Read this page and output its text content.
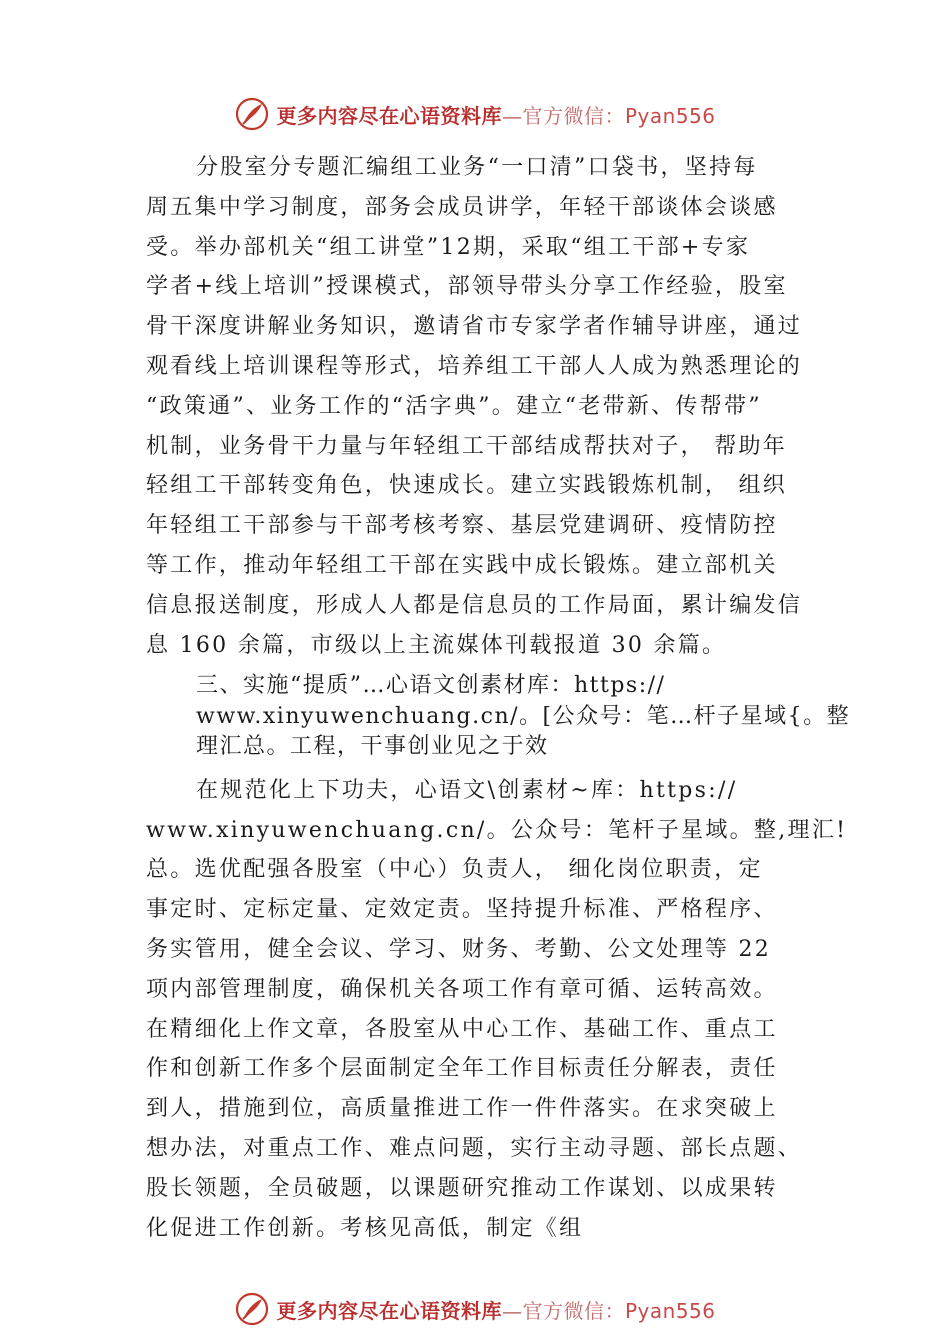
更多内容尽在心语资料库—官方微信：Pyan556

分股室分专题汇编组工业务“一口清”口袋书，坚持每
周五集中学习制度，部务会成员讲学，年轻干部谈体会谈感
受。举办部机关“组工讲堂”12期，采取“组工干部+专家
学者+线上培训”授课模式，部领导带头分享工作经验，股室
骨干深度讲解业务知识，邀请省市专家学者作辅导讲座，通过
观看线上培训课程等形式，培养组工干部人人成为熟悉理论的
“政策通”、业务工作的“活字典”。建立“老带新、传帮带”
机制，业务骨干力量与年轻组工干部结成帮扶对子， 帮助年
轻组工干部转变角色，快速成长。建立实践锻炼机制， 组织
年轻组工干部参与干部考核考察、基层党建调研、疫情防控
等工作，推动年轻组工干部在实践中成长锻炼。建立部机关
信息报送制度，形成人人都是信息员的工作局面，累计编发信
息 160 余篇，市级以上主流媒体刊载报道 30 余篇。

三、实施“提质”…心语文创素材库：https://
www.xinyuwenchuang.cn/。[公众号：笔…杆子星域{。整
理汇总。工程，干事创业见之于效

在规范化上下功夫，心语文\创素材~库：https://
www.xinyuwenchuang.cn/。公众号：笔杆子星域。整,理汇!
总。选优配强各股室（中心）负责人， 细化岗位职责，定
事定时、定标定量、定效定责。坚持提升标准、严格程序、
务实管用，健全会议、学习、财务、考勤、公文处理等 22
项内部管理制度，确保机关各项工作有章可循、运转高效。
在精细化上作文章，各股室从中心工作、基础工作、重点工
作和创新工作多个层面制定全年工作目标责任分解表，责任
到人，措施到位，高质量推进工作一件件落实。在求突破上
想办法，对重点工作、难点问题，实行主动寻题、部长点题、
股长领题，全员破题，以课题研究推动工作谋划、以成果转
化促进工作创新。考核见高低，制定《组

更多内容尽在心语资料库—官方微信：Pyan556
